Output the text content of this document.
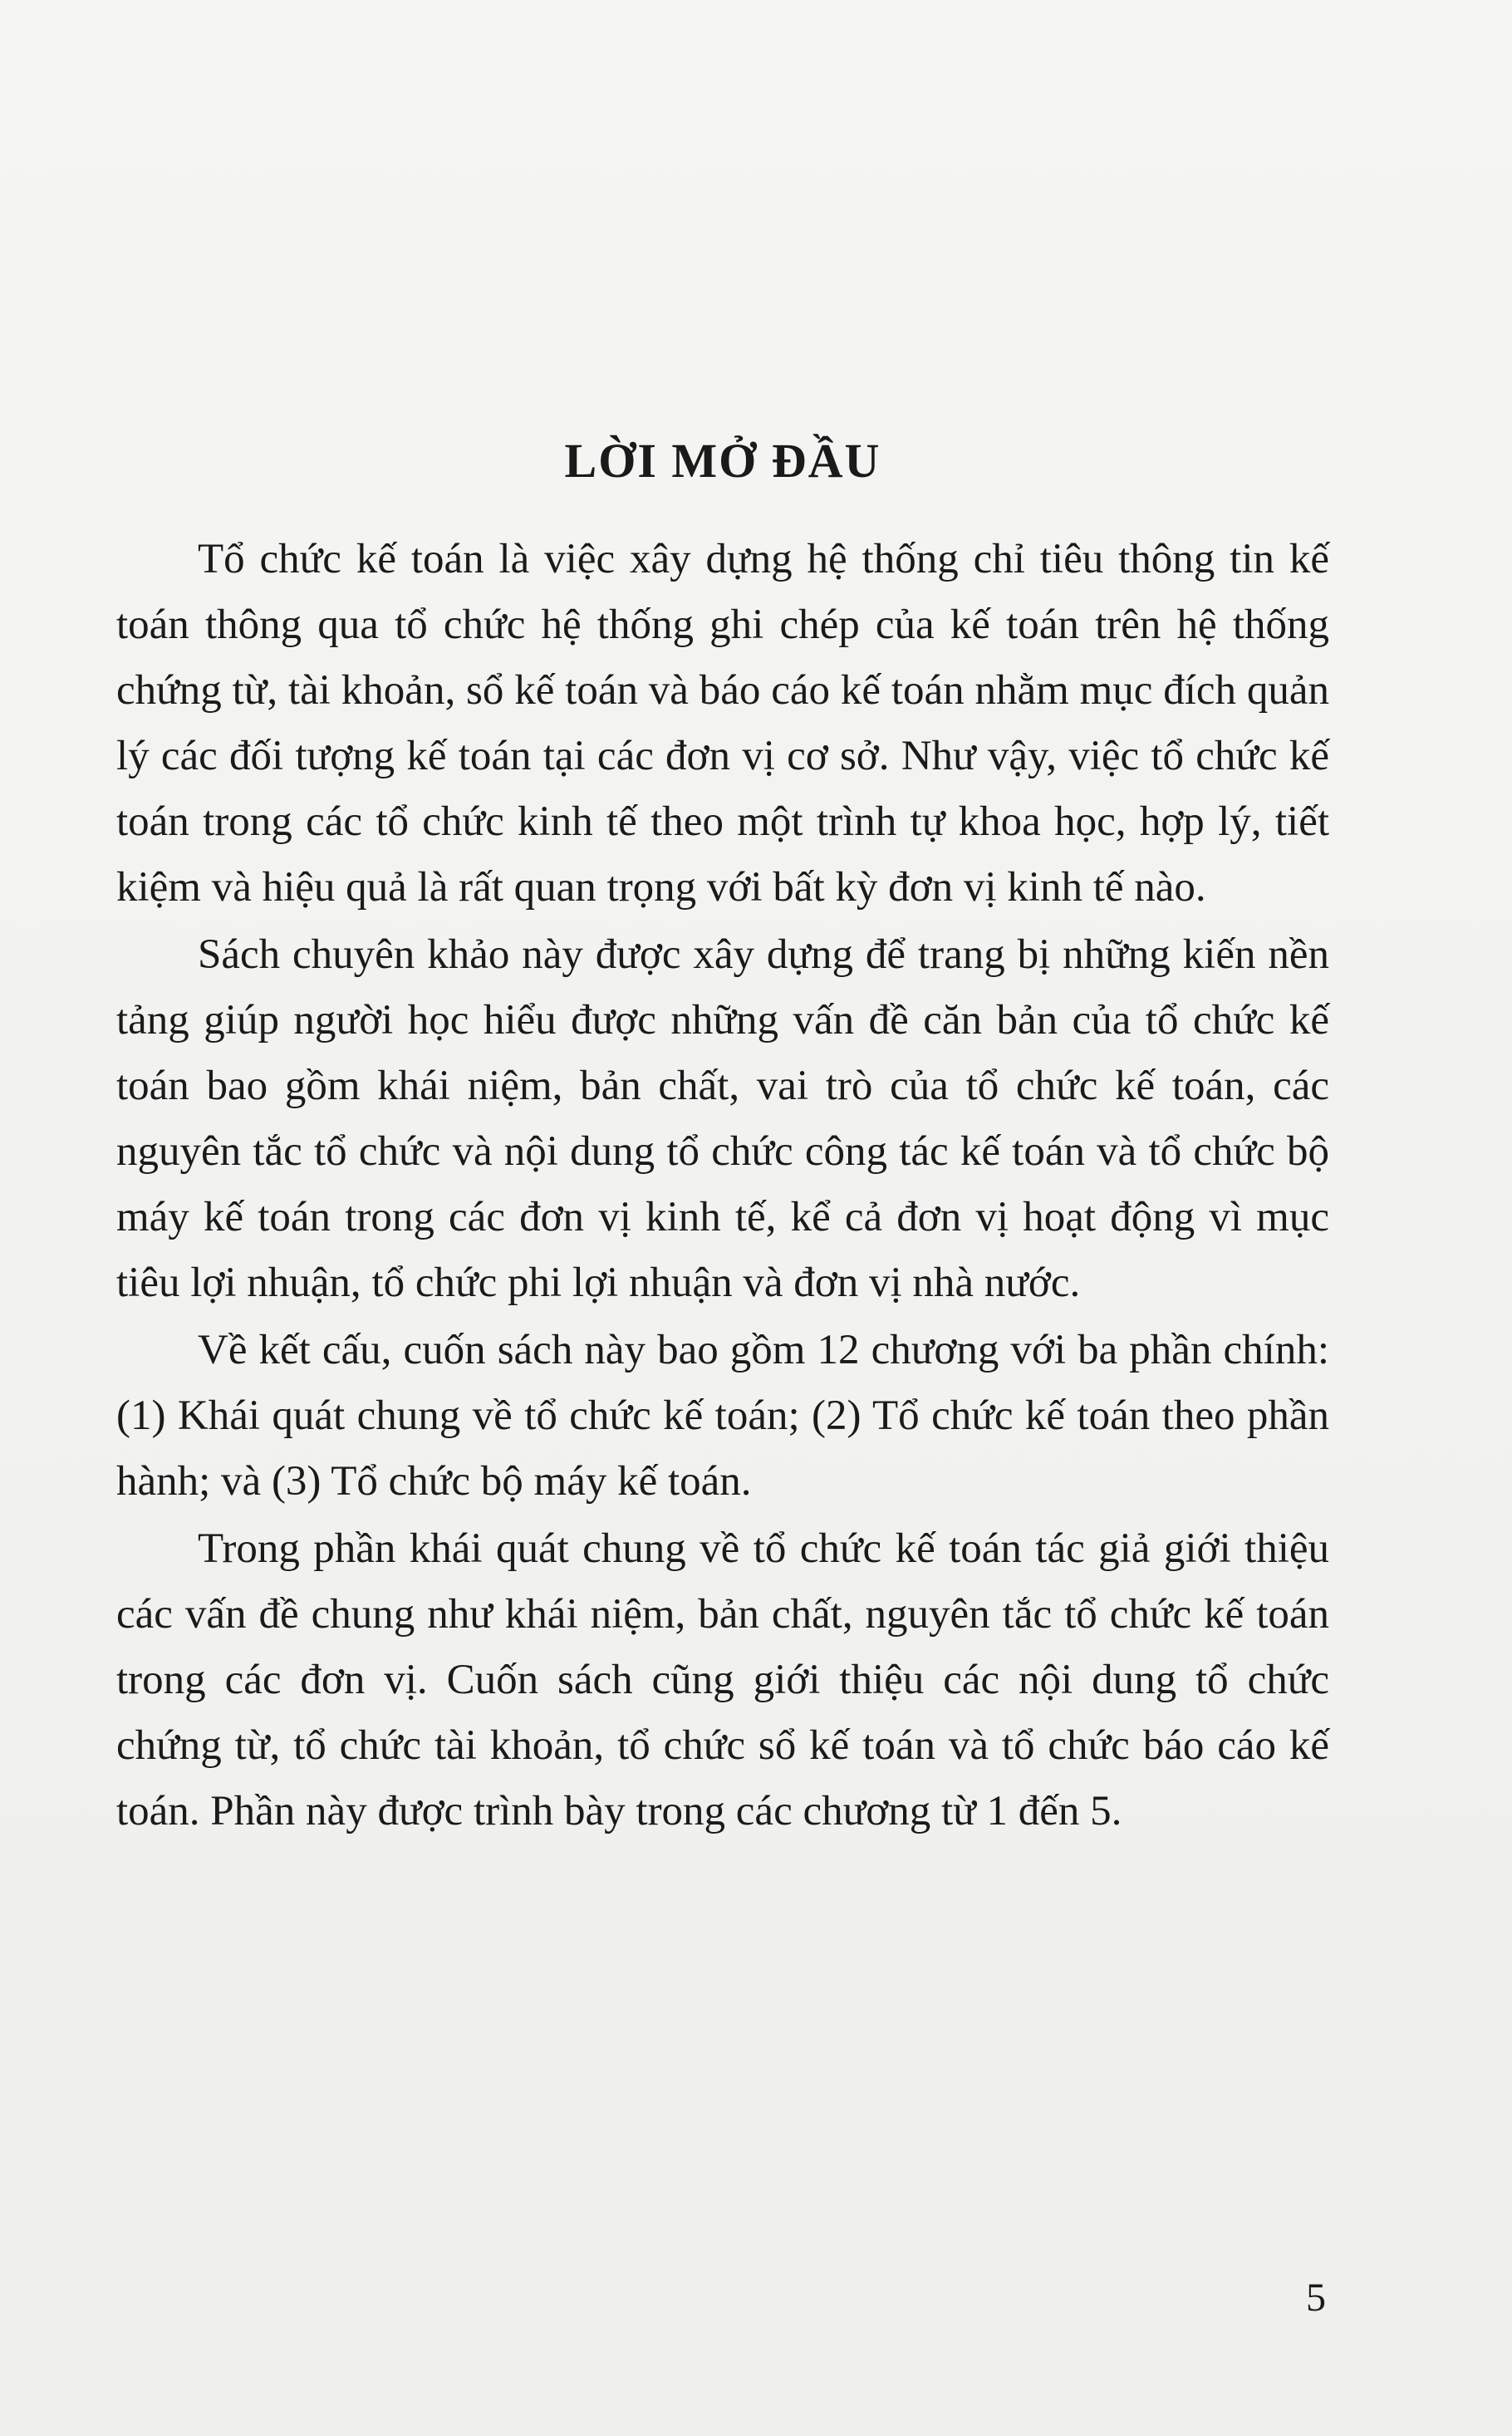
LỜI MỞ ĐẦU

Tổ chức kế toán là việc xây dựng hệ thống chỉ tiêu thông tin kế toán thông qua tổ chức hệ thống ghi chép của kế toán trên hệ thống chứng từ, tài khoản, sổ kế toán và báo cáo kế toán nhằm mục đích quản lý các đối tượng kế toán tại các đơn vị cơ sở. Như vậy, việc tổ chức kế toán trong các tổ chức kinh tế theo một trình tự khoa học, hợp lý, tiết kiệm và hiệu quả là rất quan trọng với bất kỳ đơn vị kinh tế nào.

Sách chuyên khảo này được xây dựng để trang bị những kiến nền tảng giúp người học hiểu được những vấn đề căn bản của tổ chức kế toán bao gồm khái niệm, bản chất, vai trò của tổ chức kế toán, các nguyên tắc tổ chức và nội dung tổ chức công tác kế toán và tổ chức bộ máy kế toán trong các đơn vị kinh tế, kể cả đơn vị hoạt động vì mục tiêu lợi nhuận, tổ chức phi lợi nhuận và đơn vị nhà nước.

Về kết cấu, cuốn sách này bao gồm 12 chương với ba phần chính: (1) Khái quát chung về tổ chức kế toán; (2) Tổ chức kế toán theo phần hành; và (3) Tổ chức bộ máy kế toán.

Trong phần khái quát chung về tổ chức kế toán tác giả giới thiệu các vấn đề chung như khái niệm, bản chất, nguyên tắc tổ chức kế toán trong các đơn vị. Cuốn sách cũng giới thiệu các nội dung tổ chức chứng từ, tổ chức tài khoản, tổ chức sổ kế toán và tổ chức báo cáo kế toán. Phần này được trình bày trong các chương từ 1 đến 5.

5
